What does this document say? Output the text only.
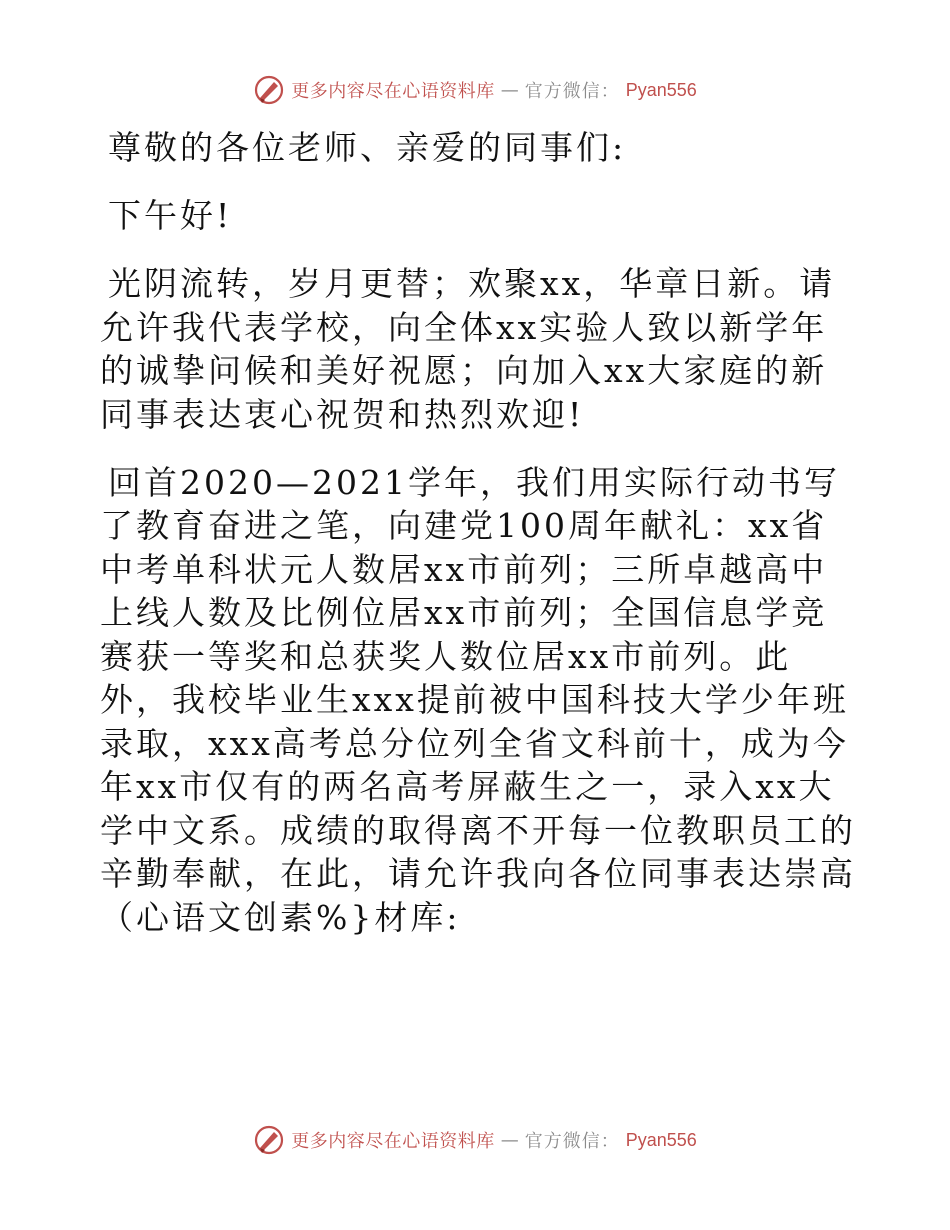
更多内容尽在心语资料库 — 官方微信： Pyan556

尊敬的各位老师、亲爱的同事们:

下午好!

光阴流转，岁月更替；欢聚xx，华章日新。请允许我代表学校，向全体xx实验人致以新学年的诚挚问候和美好祝愿；向加入xx大家庭的新同事表达衷心祝贺和热烈欢迎!

回首2020—2021学年，我们用实际行动书写了教育奋进之笔，向建党100周年献礼：xx省中考单科状元人数居xx市前列；三所卓越高中上线人数及比例位居xx市前列；全国信息学竞赛获一等奖和总获奖人数位居xx市前列。此外，我校毕业生xxx提前被中国科技大学少年班录取，xxx高考总分位列全省文科前十，成为今年xx市仅有的两名高考屏蔽生之一，录入xx大学中文系。成绩的取得离不开每一位教职员工的辛勤奉献，在此，请允许我向各位同事表达崇高（心语文创素%}材库:

更多内容尽在心语资料库 — 官方微信： Pyan556
